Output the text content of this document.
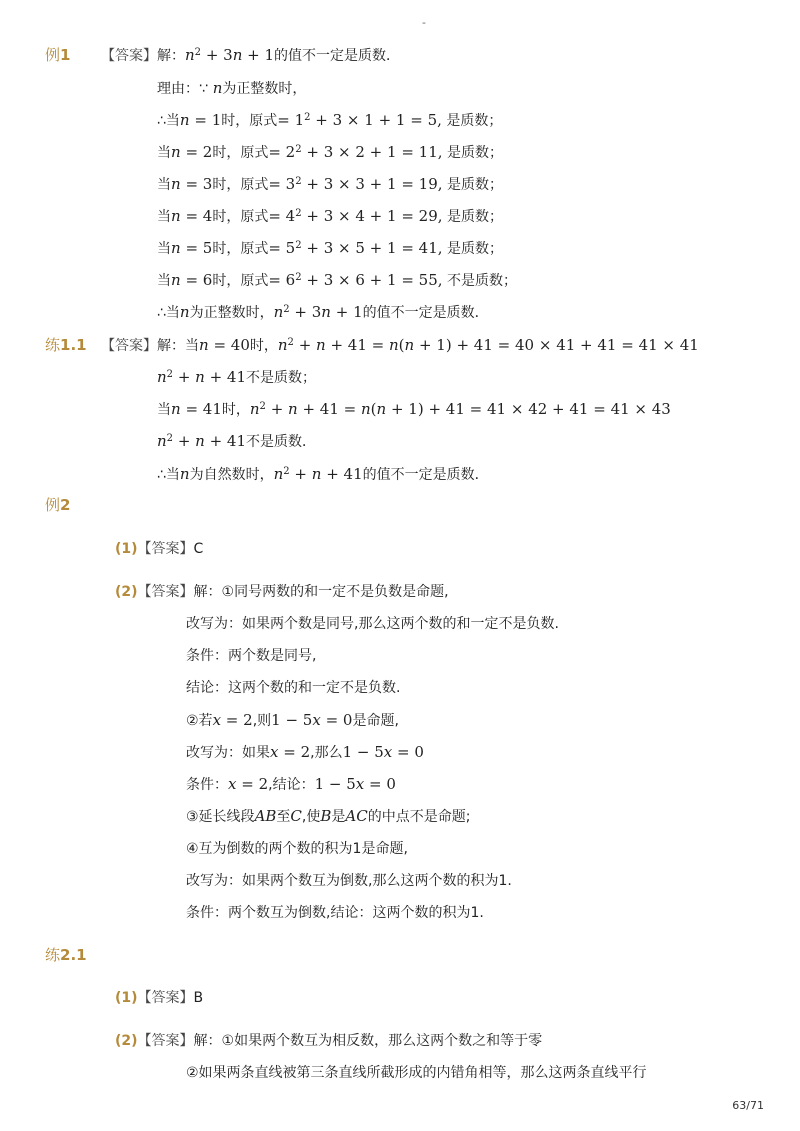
-
例1 【答案】解：$n^2 + 3n + 1$的值不一定是质数．
理由：∵ n为正整数时，
∴当n = 1时，原式= $1^2 + 3 \times 1 + 1 = 5$, 是质数；
当n = 2时，原式= $2^2 + 3 \times 2 + 1 = 11$, 是质数；
当n = 3时，原式= $3^2 + 3 \times 3 + 1 = 19$, 是质数；
当n = 4时，原式= $4^2 + 3 \times 4 + 1 = 29$, 是质数；
当n = 5时，原式= $5^2 + 3 \times 5 + 1 = 41$, 是质数；
当n = 6时，原式= $6^2 + 3 \times 6 + 1 = 55$, 不是质数；
∴当n为正整数时，$n^2 + 3n + 1$的值不一定是质数．
练1.1 【答案】解：当n = 40时，$n^2 + n + 41 = n(n + 1) + 41 = 40 \times 41 + 41 = 41 \times 41$
$n^2 + n + 41$不是质数；
当n = 41时，$n^2 + n + 41 = n(n + 1) + 41 = 41 \times 42 + 41 = 41 \times 43$
$n^2 + n + 41$不是质数．
∴当n为自然数时，$n^2 + n + 41$的值不一定是质数．
例2
(1)【答案】C
(2)【答案】解：①同号两数的和一定不是负数是命题,
改写为：如果两个数是同号,那么这两个数的和一定不是负数.
条件：两个数是同号,
结论：这两个数的和一定不是负数.
②若x = 2,则1 − 5x = 0是命题,
改写为：如果x = 2,那么1 − 5x = 0
条件：x = 2,结论：1 − 5x = 0
③延长线段AB至C,使B是AC的中点不是命题;
④互为倒数的两个数的积为1是命题,
改写为：如果两个数互为倒数,那么这两个数的积为1.
条件：两个数互为倒数,结论：这两个数的积为1.
练2.1
(1)【答案】B
(2)【答案】解：①如果两个数互为相反数，那么这两个数之和等于零
②如果两条直线被第三条直线所截形成的内错角相等，那么这两条直线平行
63/71
